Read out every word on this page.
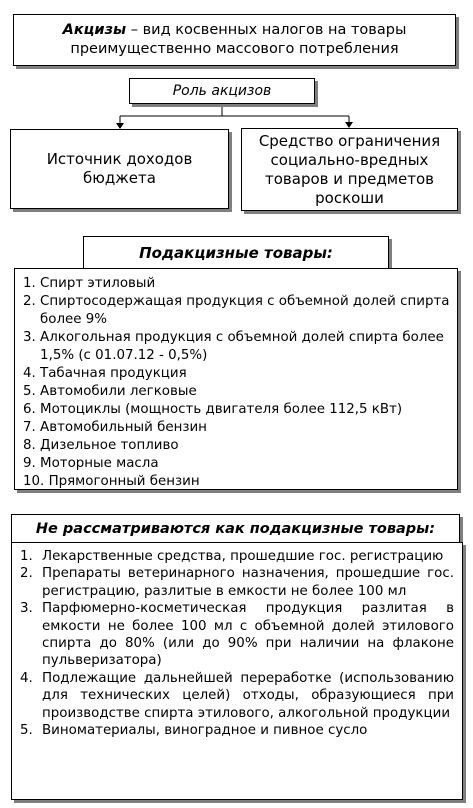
Акцизы – вид косвенных налогов на товары
преимущественно массового потребления
Роль акцизов
Источник доходов
бюджета
Средство ограничения
социально-вредных
товаров и предметов
роскоши
Подакцизные товары:
1. Спирт этиловый
2. Спиртосодержащая продукция с объемной долей спирта более 9%
3. Алкогольная продукция с объемной долей спирта более 1,5% (с 01.07.12 - 0,5%)
4. Табачная продукция
5. Автомобили легковые
6. Мотоциклы (мощность двигателя более 112,5 кВт)
7. Автомобильный бензин
8. Дизельное топливо
9. Моторные масла
10. Прямогонный бензин
Не рассматриваются как подакцизные товары:
1. Лекарственные средства, прошедшие гос. регистрацию
2. Препараты ветеринарного назначения, прошедшие гос. регистрацию, разлитые в емкости не более 100 мл
3. Парфюмерно-косметическая продукция разлитая в емкости не более 100 мл с объемной долей этилового спирта до 80% (или до 90% при наличии на флаконе пульверизатора)
4. Подлежащие дальнейшей переработке (использованию для технических целей) отходы, образующиеся при производстве спирта этилового, алкогольной продукции
5. Виноматериалы, виноградное и пивное сусло
